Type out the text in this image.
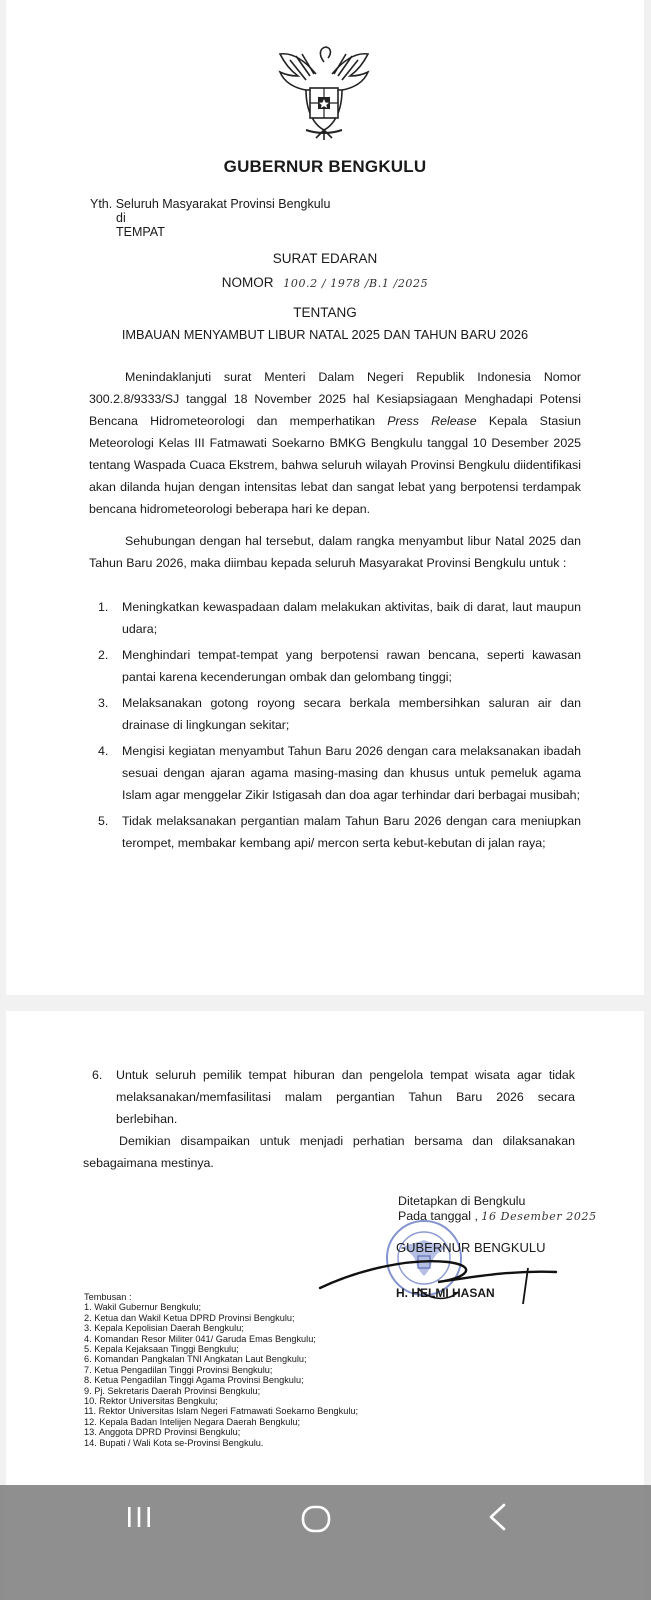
GUBERNUR BENGKULU
Yth. Seluruh Masyarakat Provinsi Bengkulu
di
TEMPAT
SURAT EDARAN
NOMOR 100.2 / 1978 /B.1 /2025
TENTANG
IMBAUAN MENYAMBUT LIBUR NATAL 2025 DAN TAHUN BARU 2026
Menindaklanjuti surat Menteri Dalam Negeri Republik Indonesia Nomor 300.2.8/9333/SJ tanggal 18 November 2025 hal Kesiapsiagaan Menghadapi Potensi Bencana Hidrometeorologi dan memperhatikan Press Release Kepala Stasiun Meteorologi Kelas III Fatmawati Soekarno BMKG Bengkulu tanggal 10 Desember 2025 tentang Waspada Cuaca Ekstrem, bahwa seluruh wilayah Provinsi Bengkulu diidentifikasi akan dilanda hujan dengan intensitas lebat dan sangat lebat yang berpotensi terdampak bencana hidrometeorologi beberapa hari ke depan.
Sehubungan dengan hal tersebut, dalam rangka menyambut libur Natal 2025 dan Tahun Baru 2026, maka diimbau kepada seluruh Masyarakat Provinsi Bengkulu untuk :
1. Meningkatkan kewaspadaan dalam melakukan aktivitas, baik di darat, laut maupun udara;
2. Menghindari tempat-tempat yang berpotensi rawan bencana, seperti kawasan pantai karena kecenderungan ombak dan gelombang tinggi;
3. Melaksanakan gotong royong secara berkala membersihkan saluran air dan drainase di lingkungan sekitar;
4. Mengisi kegiatan menyambut Tahun Baru 2026 dengan cara melaksanakan ibadah sesuai dengan ajaran agama masing-masing dan khusus untuk pemeluk agama Islam agar menggelar Zikir Istigasah dan doa agar terhindar dari berbagai musibah;
5. Tidak melaksanakan pergantian malam Tahun Baru 2026 dengan cara meniupkan terompet, membakar kembang api/ mercon serta kebut-kebutan di jalan raya;
6. Untuk seluruh pemilik tempat hiburan dan pengelola tempat wisata agar tidak melaksanakan/memfasilitasi malam pergantian Tahun Baru 2026 secara berlebihan.
Demikian disampaikan untuk menjadi perhatian bersama dan dilaksanakan sebagaimana mestinya.
Ditetapkan di Bengkulu
Pada tanggal , 16 Desember 2025
GUBERNUR BENGKULU
H. HELMI HASAN
Tembusan :
1. Wakil Gubernur Bengkulu;
2. Ketua dan Wakil Ketua DPRD Provinsi Bengkulu;
3. Kepala Kepolisian Daerah Bengkulu;
4. Komandan Resor Militer 041/ Garuda Emas Bengkulu;
5. Kepala Kejaksaan Tinggi Bengkulu;
6. Komandan Pangkalan TNI Angkatan Laut Bengkulu;
7. Ketua Pengadilan Tinggi Provinsi Bengkulu;
8. Ketua Pengadilan Tinggi Agama Provinsi Bengkulu;
9. Pj. Sekretaris Daerah Provinsi Bengkulu;
10. Rektor Universitas Bengkulu;
11. Rektor Universitas Islam Negeri Fatmawati Soekarno Bengkulu;
12. Kepala Badan Intelijen Negara Daerah Bengkulu;
13. Anggota DPRD Provinsi Bengkulu;
14. Bupati / Wali Kota se-Provinsi Bengkulu.
